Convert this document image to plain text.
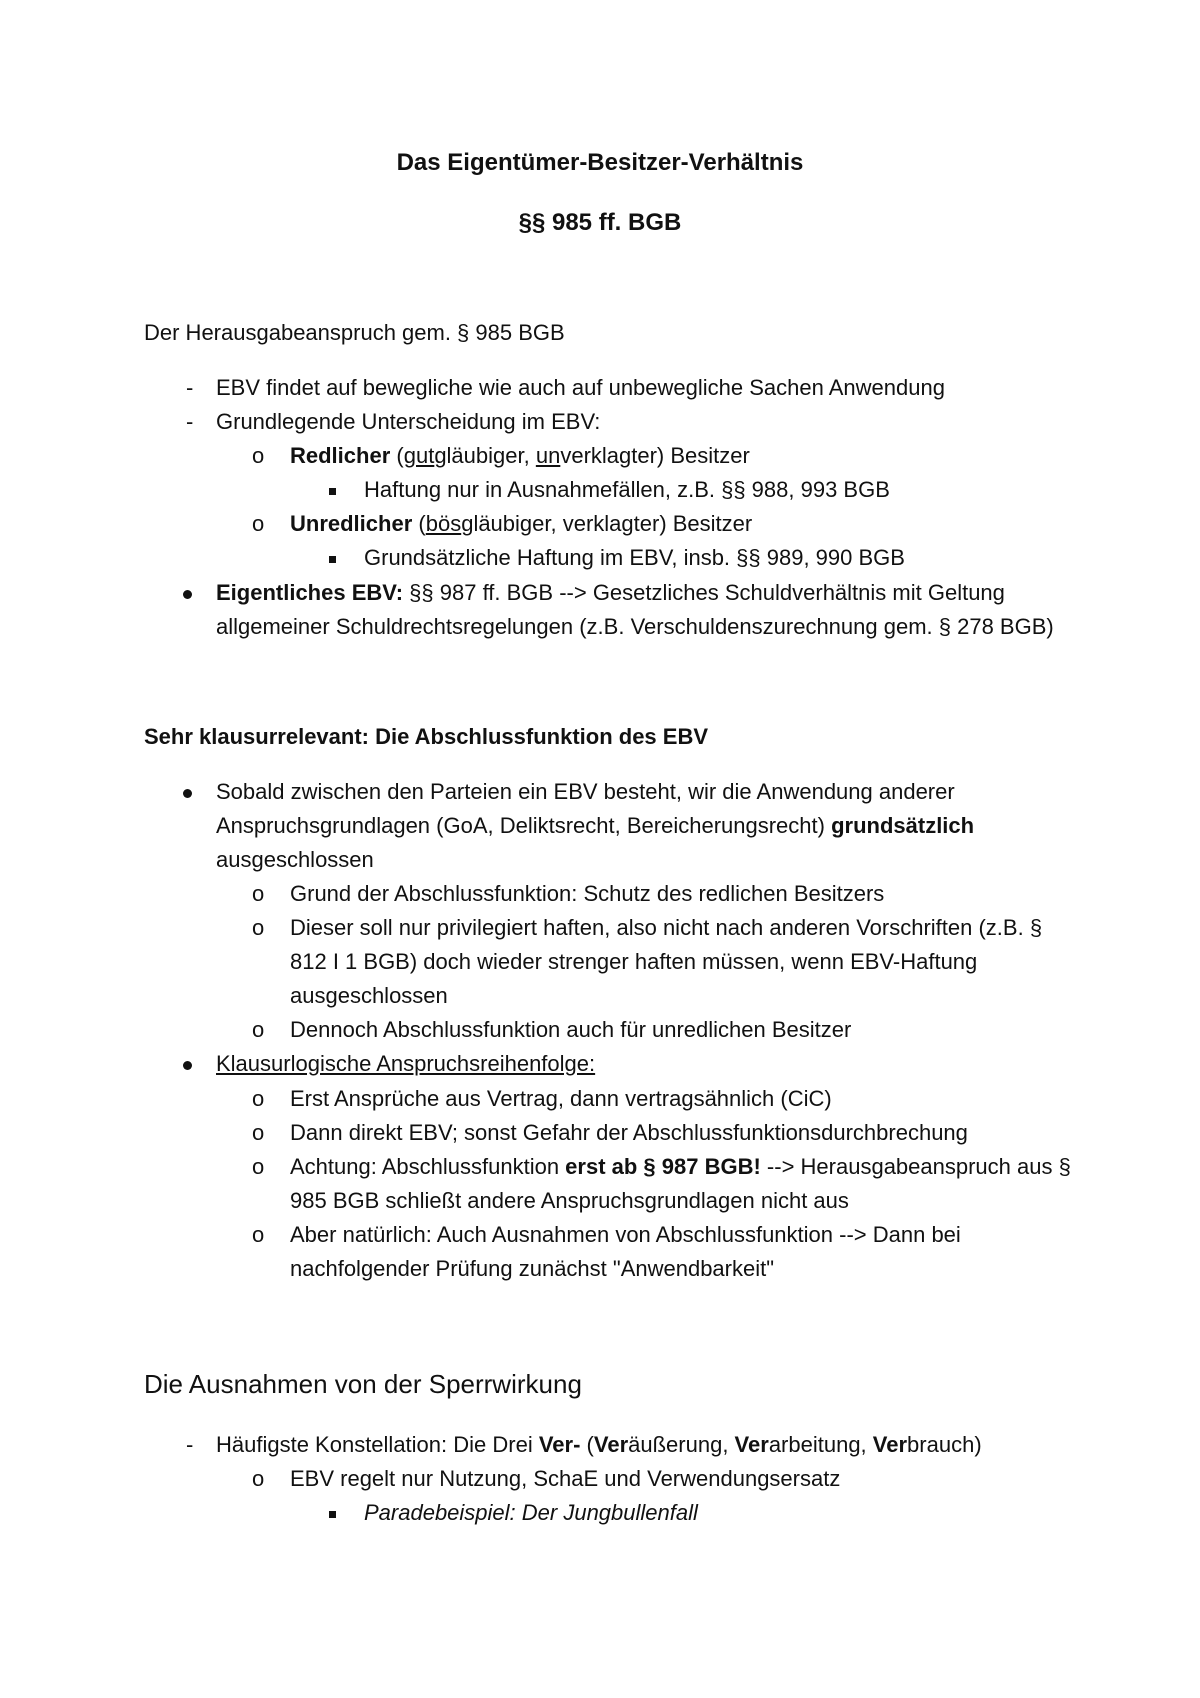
Das Eigentümer-Besitzer-Verhältnis
§§ 985 ff. BGB
Der Herausgabeanspruch gem. § 985 BGB
- EBV findet auf bewegliche wie auch auf unbewegliche Sachen Anwendung
- Grundlegende Unterscheidung im EBV:
o Redlicher (gutgläubiger, unverklagter) Besitzer
Haftung nur in Ausnahmefällen, z.B. §§ 988, 993 BGB
o Unredlicher (bösgläubiger, verklagter) Besitzer
Grundsätzliche Haftung im EBV, insb. §§ 989, 990 BGB
Eigentliches EBV: §§ 987 ff. BGB --> Gesetzliches Schuldverhältnis mit Geltung
allgemeiner Schuldrechtsregelungen (z.B. Verschuldenszurechnung gem. § 278 BGB)
Sehr klausurrelevant: Die Abschlussfunktion des EBV
Sobald zwischen den Parteien ein EBV besteht, wir die Anwendung anderer
Anspruchsgrundlagen (GoA, Deliktsrecht, Bereicherungsrecht) grundsätzlich
ausgeschlossen
o Grund der Abschlussfunktion: Schutz des redlichen Besitzers
o Dieser soll nur privilegiert haften, also nicht nach anderen Vorschriften (z.B. §
812 I 1 BGB) doch wieder strenger haften müssen, wenn EBV-Haftung
ausgeschlossen
o Dennoch Abschlussfunktion auch für unredlichen Besitzer
Klausurlogische Anspruchsreihenfolge:
o Erst Ansprüche aus Vertrag, dann vertragsähnlich (CiC)
o Dann direkt EBV; sonst Gefahr der Abschlussfunktionsdurchbrechung
o Achtung: Abschlussfunktion erst ab § 987 BGB! --> Herausgabeanspruch aus §
985 BGB schließt andere Anspruchsgrundlagen nicht aus
o Aber natürlich: Auch Ausnahmen von Abschlussfunktion --> Dann bei
nachfolgender Prüfung zunächst "Anwendbarkeit"
Die Ausnahmen von der Sperrwirkung
- Häufigste Konstellation: Die Drei Ver- (Veräußerung, Verarbeitung, Verbrauch)
o EBV regelt nur Nutzung, SchaE und Verwendungsersatz
Paradebeispiel: Der Jungbullenfall
